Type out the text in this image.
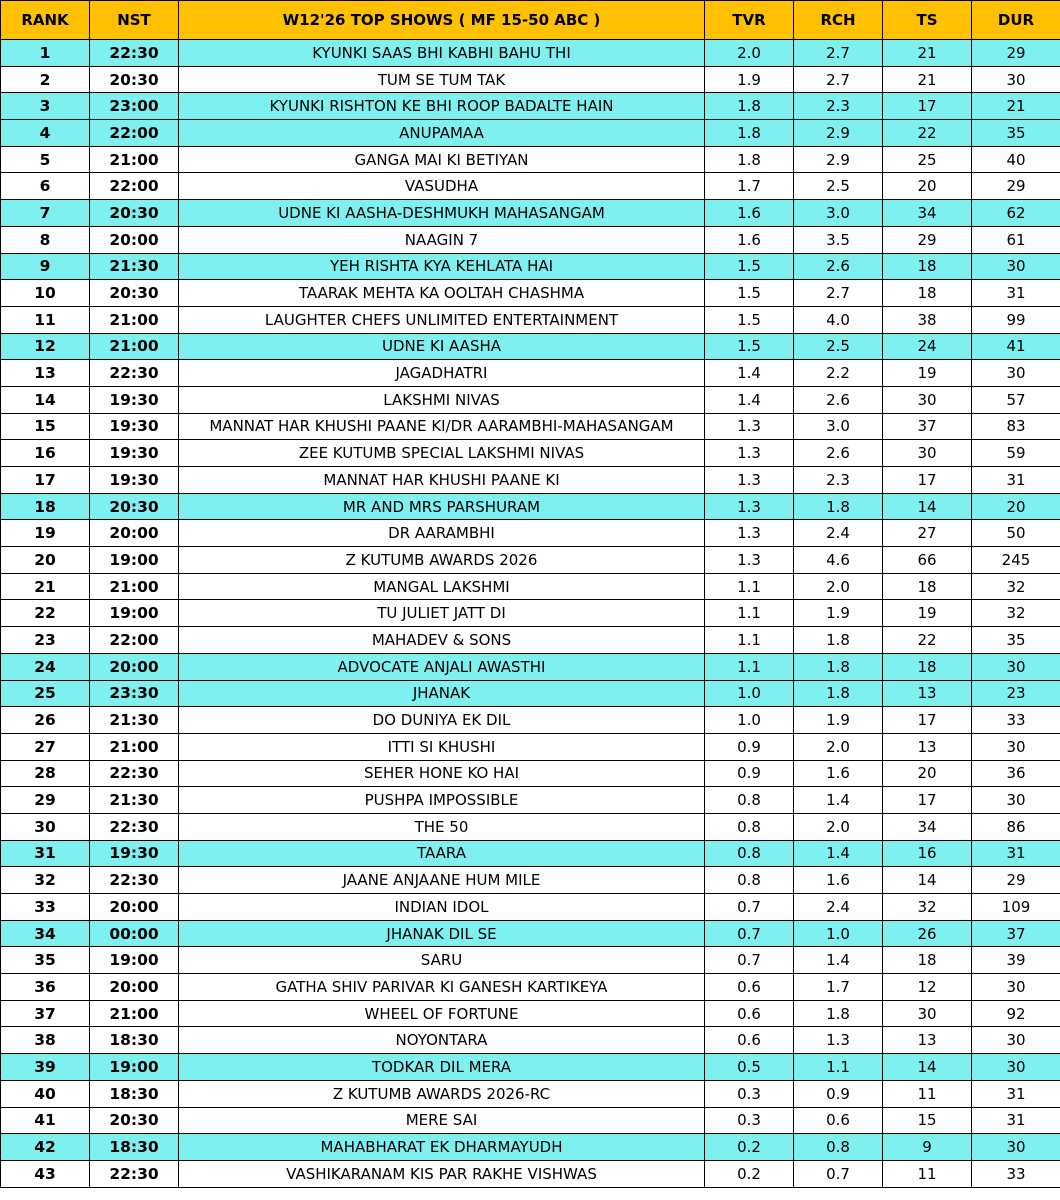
RANK	NST	W12'26 TOP SHOWS ( MF 15-50 ABC )	TVR	RCH	TS	DUR
1	22:30	KYUNKI SAAS BHI KABHI BAHU THI	2.0	2.7	21	29
2	20:30	TUM SE TUM TAK	1.9	2.7	21	30
3	23:00	KYUNKI RISHTON KE BHI ROOP BADALTE HAIN	1.8	2.3	17	21
4	22:00	ANUPAMAA	1.8	2.9	22	35
5	21:00	GANGA MAI KI BETIYAN	1.8	2.9	25	40
6	22:00	VASUDHA	1.7	2.5	20	29
7	20:30	UDNE KI AASHA-DESHMUKH MAHASANGAM	1.6	3.0	34	62
8	20:00	NAAGIN 7	1.6	3.5	29	61
9	21:30	YEH RISHTA KYA KEHLATA HAI	1.5	2.6	18	30
10	20:30	TAARAK MEHTA KA OOLTAH CHASHMA	1.5	2.7	18	31
11	21:00	LAUGHTER CHEFS UNLIMITED ENTERTAINMENT	1.5	4.0	38	99
12	21:00	UDNE KI AASHA	1.5	2.5	24	41
13	22:30	JAGADHATRI	1.4	2.2	19	30
14	19:30	LAKSHMI NIVAS	1.4	2.6	30	57
15	19:30	MANNAT HAR KHUSHI PAANE KI/DR AARAMBHI-MAHASANGAM	1.3	3.0	37	83
16	19:30	ZEE KUTUMB SPECIAL LAKSHMI NIVAS	1.3	2.6	30	59
17	19:30	MANNAT HAR KHUSHI PAANE KI	1.3	2.3	17	31
18	20:30	MR AND MRS PARSHURAM	1.3	1.8	14	20
19	20:00	DR AARAMBHI	1.3	2.4	27	50
20	19:00	Z KUTUMB AWARDS 2026	1.3	4.6	66	245
21	21:00	MANGAL LAKSHMI	1.1	2.0	18	32
22	19:00	TU JULIET JATT DI	1.1	1.9	19	32
23	22:00	MAHADEV & SONS	1.1	1.8	22	35
24	20:00	ADVOCATE ANJALI AWASTHI	1.1	1.8	18	30
25	23:30	JHANAK	1.0	1.8	13	23
26	21:30	DO DUNIYA EK DIL	1.0	1.9	17	33
27	21:00	ITTI SI KHUSHI	0.9	2.0	13	30
28	22:30	SEHER HONE KO HAI	0.9	1.6	20	36
29	21:30	PUSHPA IMPOSSIBLE	0.8	1.4	17	30
30	22:30	THE 50	0.8	2.0	34	86
31	19:30	TAARA	0.8	1.4	16	31
32	22:30	JAANE ANJAANE HUM MILE	0.8	1.6	14	29
33	20:00	INDIAN IDOL	0.7	2.4	32	109
34	00:00	JHANAK DIL SE	0.7	1.0	26	37
35	19:00	SARU	0.7	1.4	18	39
36	20:00	GATHA SHIV PARIVAR KI GANESH KARTIKEYA	0.6	1.7	12	30
37	21:00	WHEEL OF FORTUNE	0.6	1.8	30	92
38	18:30	NOYONTARA	0.6	1.3	13	30
39	19:00	TODKAR DIL MERA	0.5	1.1	14	30
40	18:30	Z KUTUMB AWARDS 2026-RC	0.3	0.9	11	31
41	20:30	MERE SAI	0.3	0.6	15	31
42	18:30	MAHABHARAT EK DHARMAYUDH	0.2	0.8	9	30
43	22:30	VASHIKARANAM KIS PAR RAKHE VISHWAS	0.2	0.7	11	33
